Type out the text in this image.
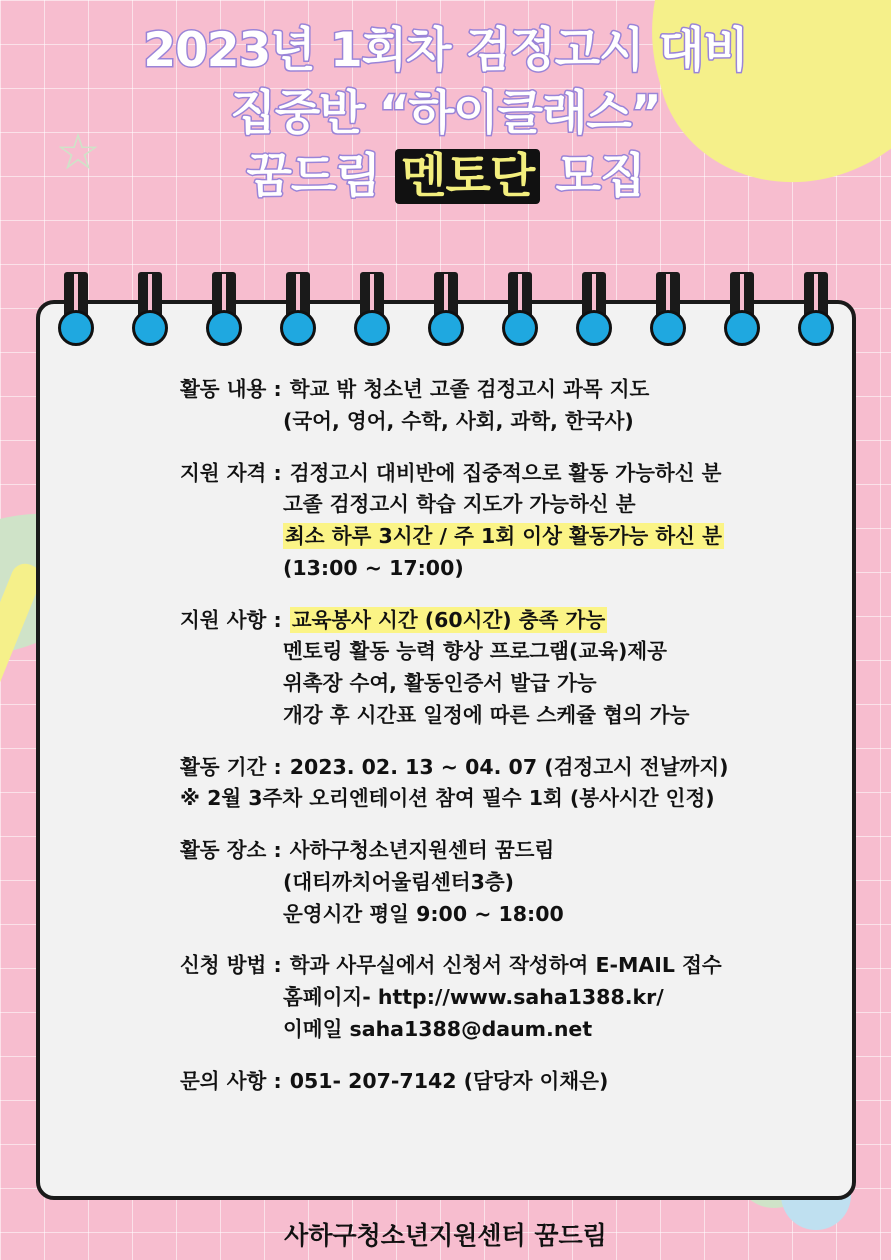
☆
2023년 1회차 검정고시 대비
집중반 “하이클래스”
꿈드림 멘토단 모집
활동 내용 : 학교 밖 청소년 고졸 검정고시 과목 지도
(국어, 영어, 수학, 사회, 과학, 한국사)
지원 자격 : 검정고시 대비반에 집중적으로 활동 가능하신 분
고졸 검정고시 학습 지도가 가능하신 분
최소 하루 3시간 / 주 1회 이상 활동가능 하신 분
(13:00 ~ 17:00)
지원 사항 : 교육봉사 시간 (60시간) 충족 가능
멘토링 활동 능력 향상 프로그램(교육)제공
위촉장 수여, 활동인증서 발급 가능
개강 후 시간표 일정에 따른 스케쥴 협의 가능
활동 기간 : 2023. 02. 13 ~ 04. 07 (검정고시 전날까지)
※ 2월 3주차 오리엔테이션 참여 필수 1회 (봉사시간 인정)
활동 장소 : 사하구청소년지원센터 꿈드림
(대티까치어울림센터3층)
운영시간 평일 9:00 ~ 18:00
신청 방법 : 학과 사무실에서 신청서 작성하여 E-MAIL 접수
홈페이지- http://www.saha1388.kr/
이메일 saha1388@daum.net
문의 사항 : 051- 207-7142 (담당자 이채은)
사하구청소년지원센터 꿈드림
